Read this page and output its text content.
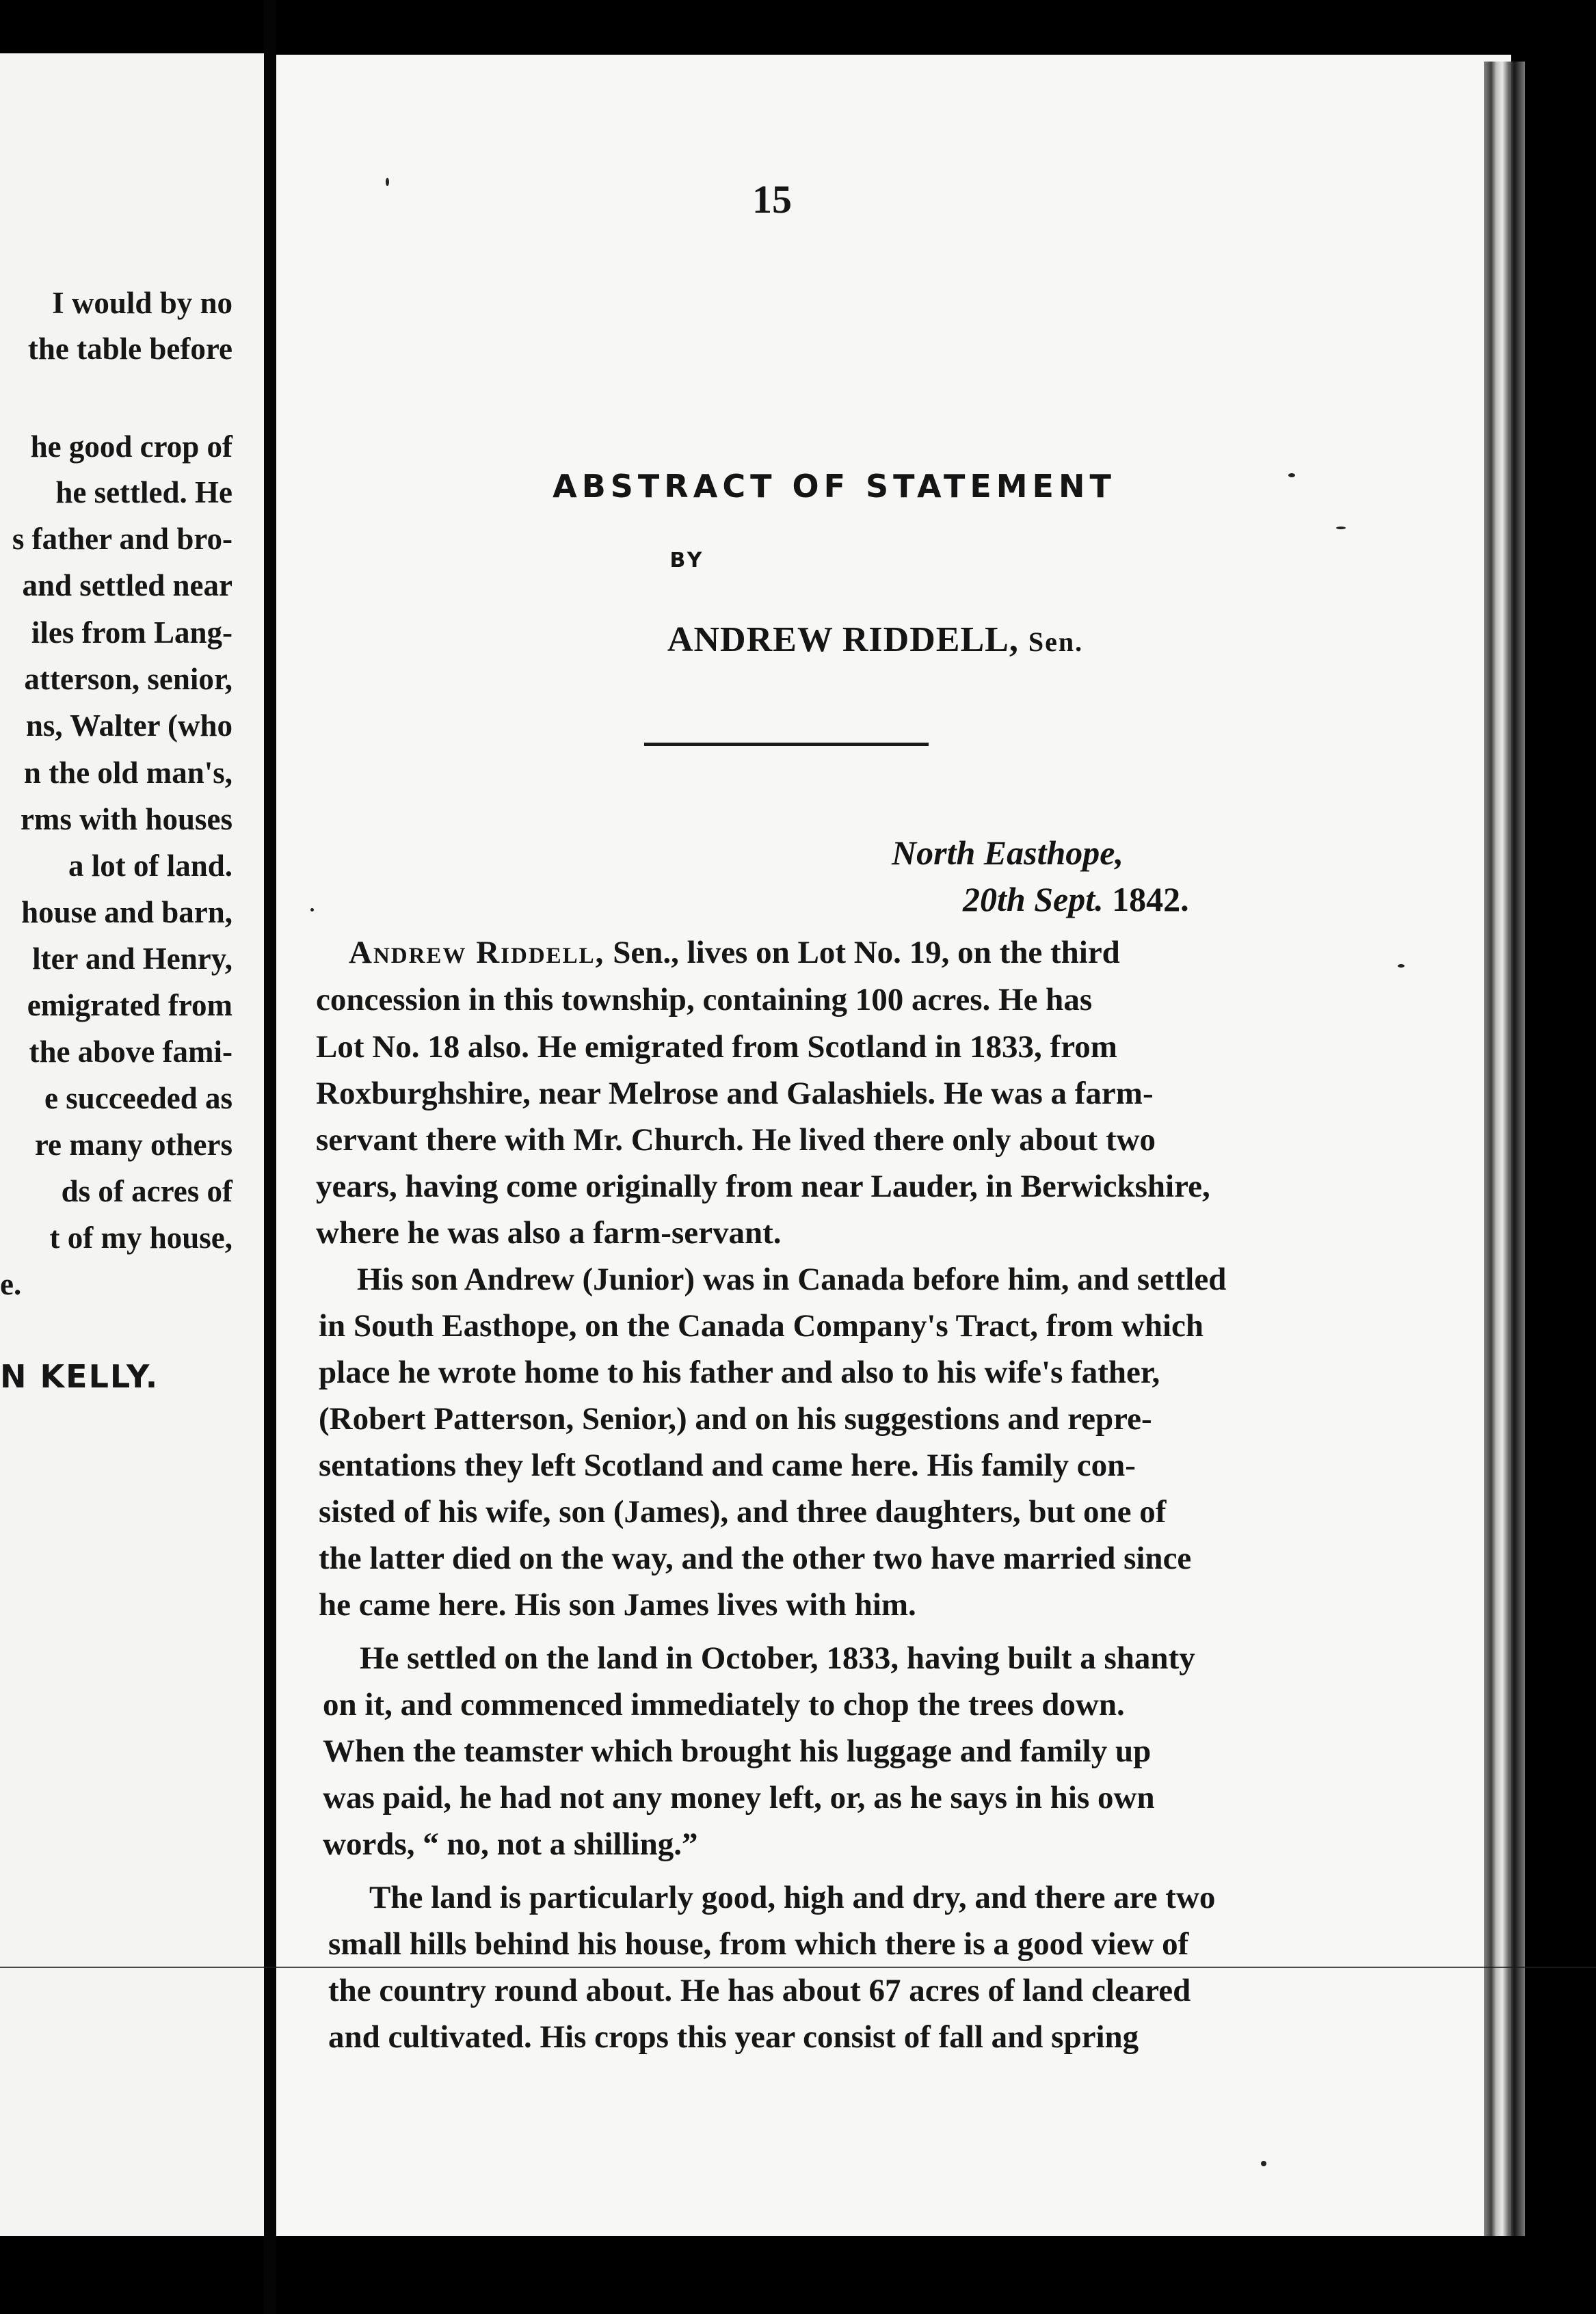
I would by no
the table before
he good crop of
he settled. He
s father and bro-
and settled near
iles from Lang-
atterson, senior,
ns, Walter (who
n the old man's,
rms with houses
a lot of land.
house and barn,
lter and Henry,
emigrated from
the above fami-
e succeeded as
re many others
ds of acres of
t of my house,
e.
N KELLY.
15
ABSTRACT OF STATEMENT
BY
ANDREW RIDDELL, Sen.
North Easthope,
20th Sept. 1842.
Andrew Riddell, Sen., lives on Lot No. 19, on the third
concession in this township, containing 100 acres. He has
Lot No. 18 also. He emigrated from Scotland in 1833, from
Roxburghshire, near Melrose and Galashiels. He was a farm-
servant there with Mr. Church. He lived there only about two
years, having come originally from near Lauder, in Berwickshire,
where he was also a farm-servant.
His son Andrew (Junior) was in Canada before him, and settled
in South Easthope, on the Canada Company's Tract, from which
place he wrote home to his father and also to his wife's father,
(Robert Patterson, Senior,) and on his suggestions and repre-
sentations they left Scotland and came here. His family con-
sisted of his wife, son (James), and three daughters, but one of
the latter died on the way, and the other two have married since
he came here. His son James lives with him.
He settled on the land in October, 1833, having built a shanty
on it, and commenced immediately to chop the trees down.
When the teamster which brought his luggage and family up
was paid, he had not any money left, or, as he says in his own
words, “ no, not a shilling.”
The land is particularly good, high and dry, and there are two
small hills behind his house, from which there is a good view of
the country round about. He has about 67 acres of land cleared
and cultivated. His crops this year consist of fall and spring
